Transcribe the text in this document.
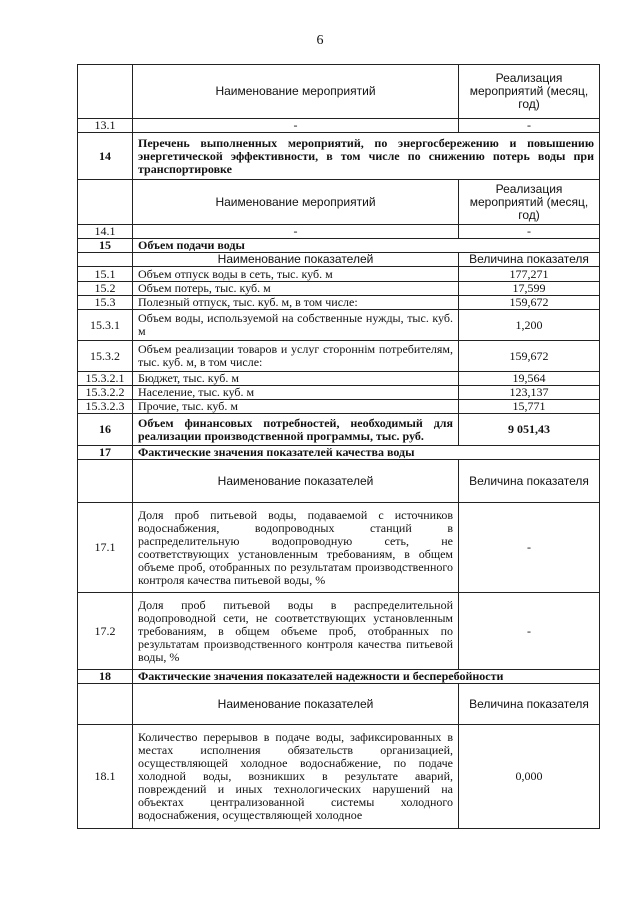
6
	Наименование мероприятий	Реализация мероприятий (месяц, год)
13.1	-	-
14	Перечень выполненных мероприятий, по энергосбережению и повышению энергетической эффективности, в том числе по снижению потерь воды при транспортировке	
	Наименование мероприятий	Реализация мероприятий (месяц, год)
14.1	-	-
15	Объем подачи воды	
	Наименование показателей	Величина показателя
15.1	Объем отпуск воды в сеть, тыс. куб. м	177,271
15.2	Объем потерь, тыс. куб. м	17,599
15.3	Полезный отпуск, тыс. куб. м, в том числе:	159,672
15.3.1	Объем воды, используемой на собственные нужды, тыс. куб. м	1,200
15.3.2	Объем реализации товаров и услуг стороннім потребителям, тыс. куб. м, в том числе:	159,672
15.3.2.1	Бюджет, тыс. куб. м	19,564
15.3.2.2	Население, тыс. куб. м	123,137
15.3.2.3	Прочие, тыс. куб. м	15,771
16	Объем финансовых потребностей, необходимый для реализации производственной программы, тыс. руб.	9 051,43
17	Фактические значения показателей качества воды	
	Наименование показателей	Величина показателя
17.1	Доля проб питьевой воды, подаваемой с источников водоснабжения, водопроводных станций в распределительную водопроводную сеть, не соответствующих установленным требованиям, в общем объеме проб, отобранных по результатам производственного контроля качества питьевой воды, %	-
17.2	Доля проб питьевой воды в распределительной водопроводной сети, не соответствующих установленным требованиям, в общем объеме проб, отобранных по результатам производственного контроля качества питьевой воды, %	-
18	Фактические значения показателей надежности и бесперебойности	
	Наименование показателей	Величина показателя
18.1	Количество перерывов в подаче воды, зафиксированных в местах исполнения обязательств организацией, осуществляющей холодное водоснабжение, по подаче холодной воды, возникших в результате аварий, повреждений и иных технологических нарушений на объектах централизованной системы холодного водоснабжения, осуществляющей холодное	0,000
